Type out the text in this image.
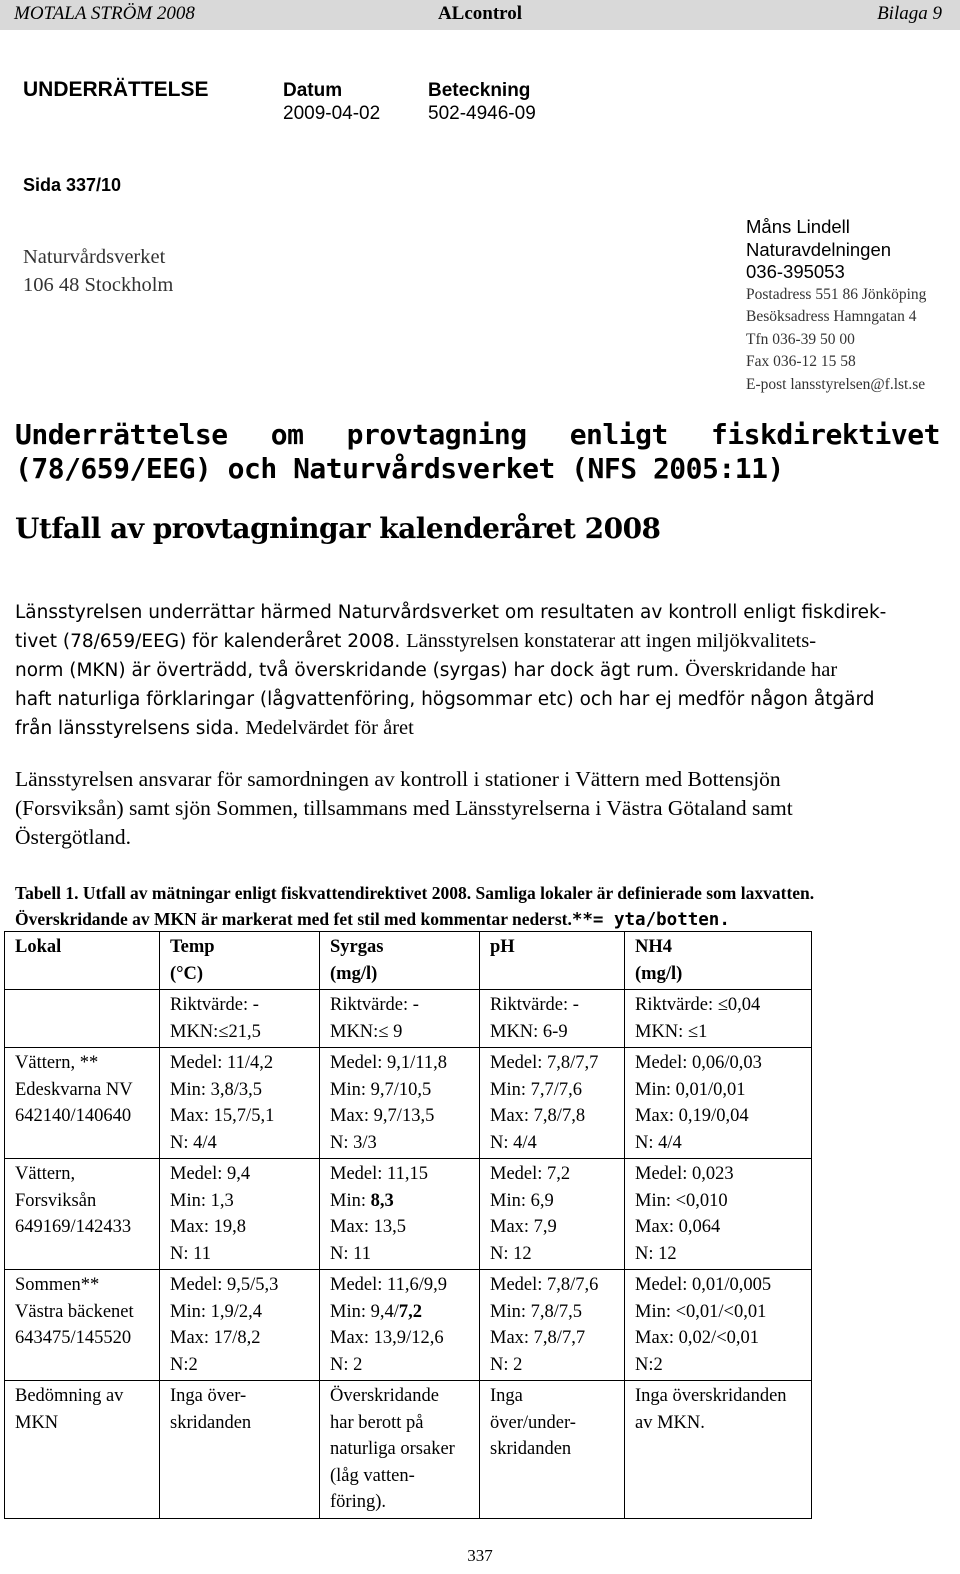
MOTALA STRÖM 2008	ALcontrol	Bilaga 9
UNDERRÄTTELSE	Datum
2009-04-02
Beteckning
502-4946-09
Sida 337/10
Naturvårdsverket
106 48 Stockholm
Måns Lindell
Naturavdelningen
036-395053
Postadress 551 86 Jönköping
Besöksadress Hamngatan 4
Tfn 036-39 50 00
Fax 036-12 15 58
E-post lansstyrelsen@f.lst.se
Underrättelse om provtagning enligt fiskdirektivet
(78/659/EEG) och Naturvårdsverket (NFS 2005:11)
Utfall av provtagningar kalenderåret 2008
Länsstyrelsen underrättar härmed Naturvårdsverket om resultaten av kontroll enligt fiskdirek-
tivet (78/659/EEG) för kalenderåret 2008. Länsstyrelsen konstaterar att ingen miljökvalitets-
norm (MKN) är överträdd, två överskridande (syrgas) har dock ägt rum. Överskridande har
haft naturliga förklaringar (lågvattenföring, högsommar etc) och har ej medför någon åtgärd
från länsstyrelsens sida. Medelvärdet för året
Länsstyrelsen ansvarar för samordningen av kontroll i stationer i Vättern med Bottensjön
(Forsviksån) samt sjön Sommen, tillsammans med Länsstyrelserna i Västra Götaland samt
Östergötland.
Tabell 1. Utfall av mätningar enligt fiskvattendirektivet 2008. Samliga lokaler är definierade som laxvatten.
Överskridande av MKN är markerat med fet stil med kommentar nederst.**= yta/botten.
Lokal	Temp
(°C)	Syrgas
(mg/l)	pH	NH4
(mg/l)

	Riktvärde: -
MKN:≤21,5	Riktvärde: -
MKN:≤ 9	Riktvärde: -
MKN: 6-9	Riktvärde: ≤0,04
MKN: ≤1

Vättern, **
Edeskvarna NV
642140/140640	Medel: 11/4,2
Min: 3,8/3,5
Max: 15,7/5,1
N: 4/4	Medel: 9,1/11,8
Min: 9,7/10,5
Max: 9,7/13,5
N: 3/3	Medel: 7,8/7,7
Min: 7,7/7,6
Max: 7,8/7,8
N: 4/4	Medel: 0,06/0,03
Min: 0,01/0,01
Max: 0,19/0,04
N: 4/4

Vättern,
Forsviksån
649169/142433	Medel: 9,4
Min: 1,3
Max: 19,8
N: 11	Medel: 11,15
Min: 8,3
Max: 13,5
N: 11	Medel: 7,2
Min: 6,9
Max: 7,9
N: 12	Medel: 0,023
Min: <0,010
Max: 0,064
N: 12

Sommen**
Västra bäckenet
643475/145520	Medel: 9,5/5,3
Min: 1,9/2,4
Max: 17/8,2
N:2	Medel: 11,6/9,9
Min: 9,4/7,2
Max: 13,9/12,6
N: 2	Medel: 7,8/7,6
Min: 7,8/7,5
Max: 7,8/7,7
N: 2	Medel: 0,01/0,005
Min: <0,01/<0,01
Max: 0,02/<0,01
N:2

Bedömning av
MKN	Inga över-
skridanden	Överskridande
har berott på
naturliga orsaker
(låg vatten-
föring).	Inga
över/under-
skridanden	Inga överskridanden
av MKN.
337
